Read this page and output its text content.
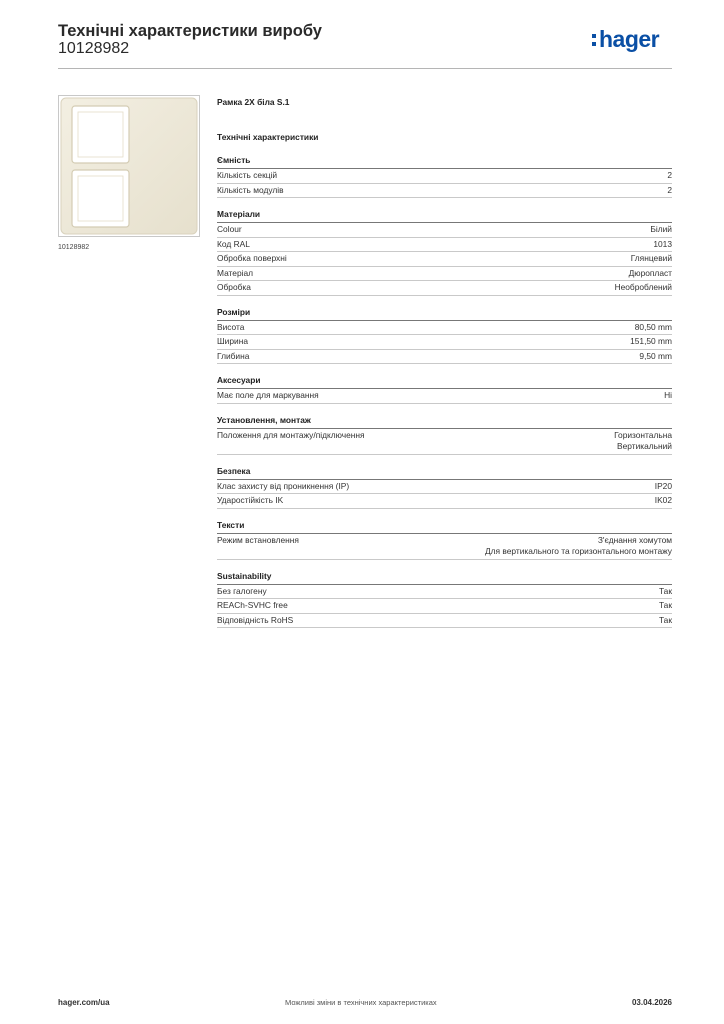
Технічні характеристики виробу
10128982	hager
10128982
Рамка 2X біла S.1
Технічні характеристики
Ємність
Кількість секцій	2
Кількість модулів	2
Матеріали
Colour	Білий
Код RAL	1013
Обробка поверхні	Глянцевий
Матеріал	Дюропласт
Обробка	Необроблений
Розміри
Висота	80,50 mm
Ширина	151,50 mm
Глибина	9,50 mm
Аксесуари
Має поле для маркування	Ні
Установлення, монтаж
Положення для монтажу/підключення	Горизонтальна
Вертикальний
Безпека
Клас захисту від проникнення (IP)	IP20
Ударостійкість IK	IK02
Тексти
Режим встановлення	З'єднання хомутом
Для вертикального та горизонтального монтажу
Sustainability
Без галогену	Так
REACh-SVHC free	Так
Відповідність RoHS	Так
hager.com/ua	Можливі зміни в технічних характеристиках	03.04.2026
